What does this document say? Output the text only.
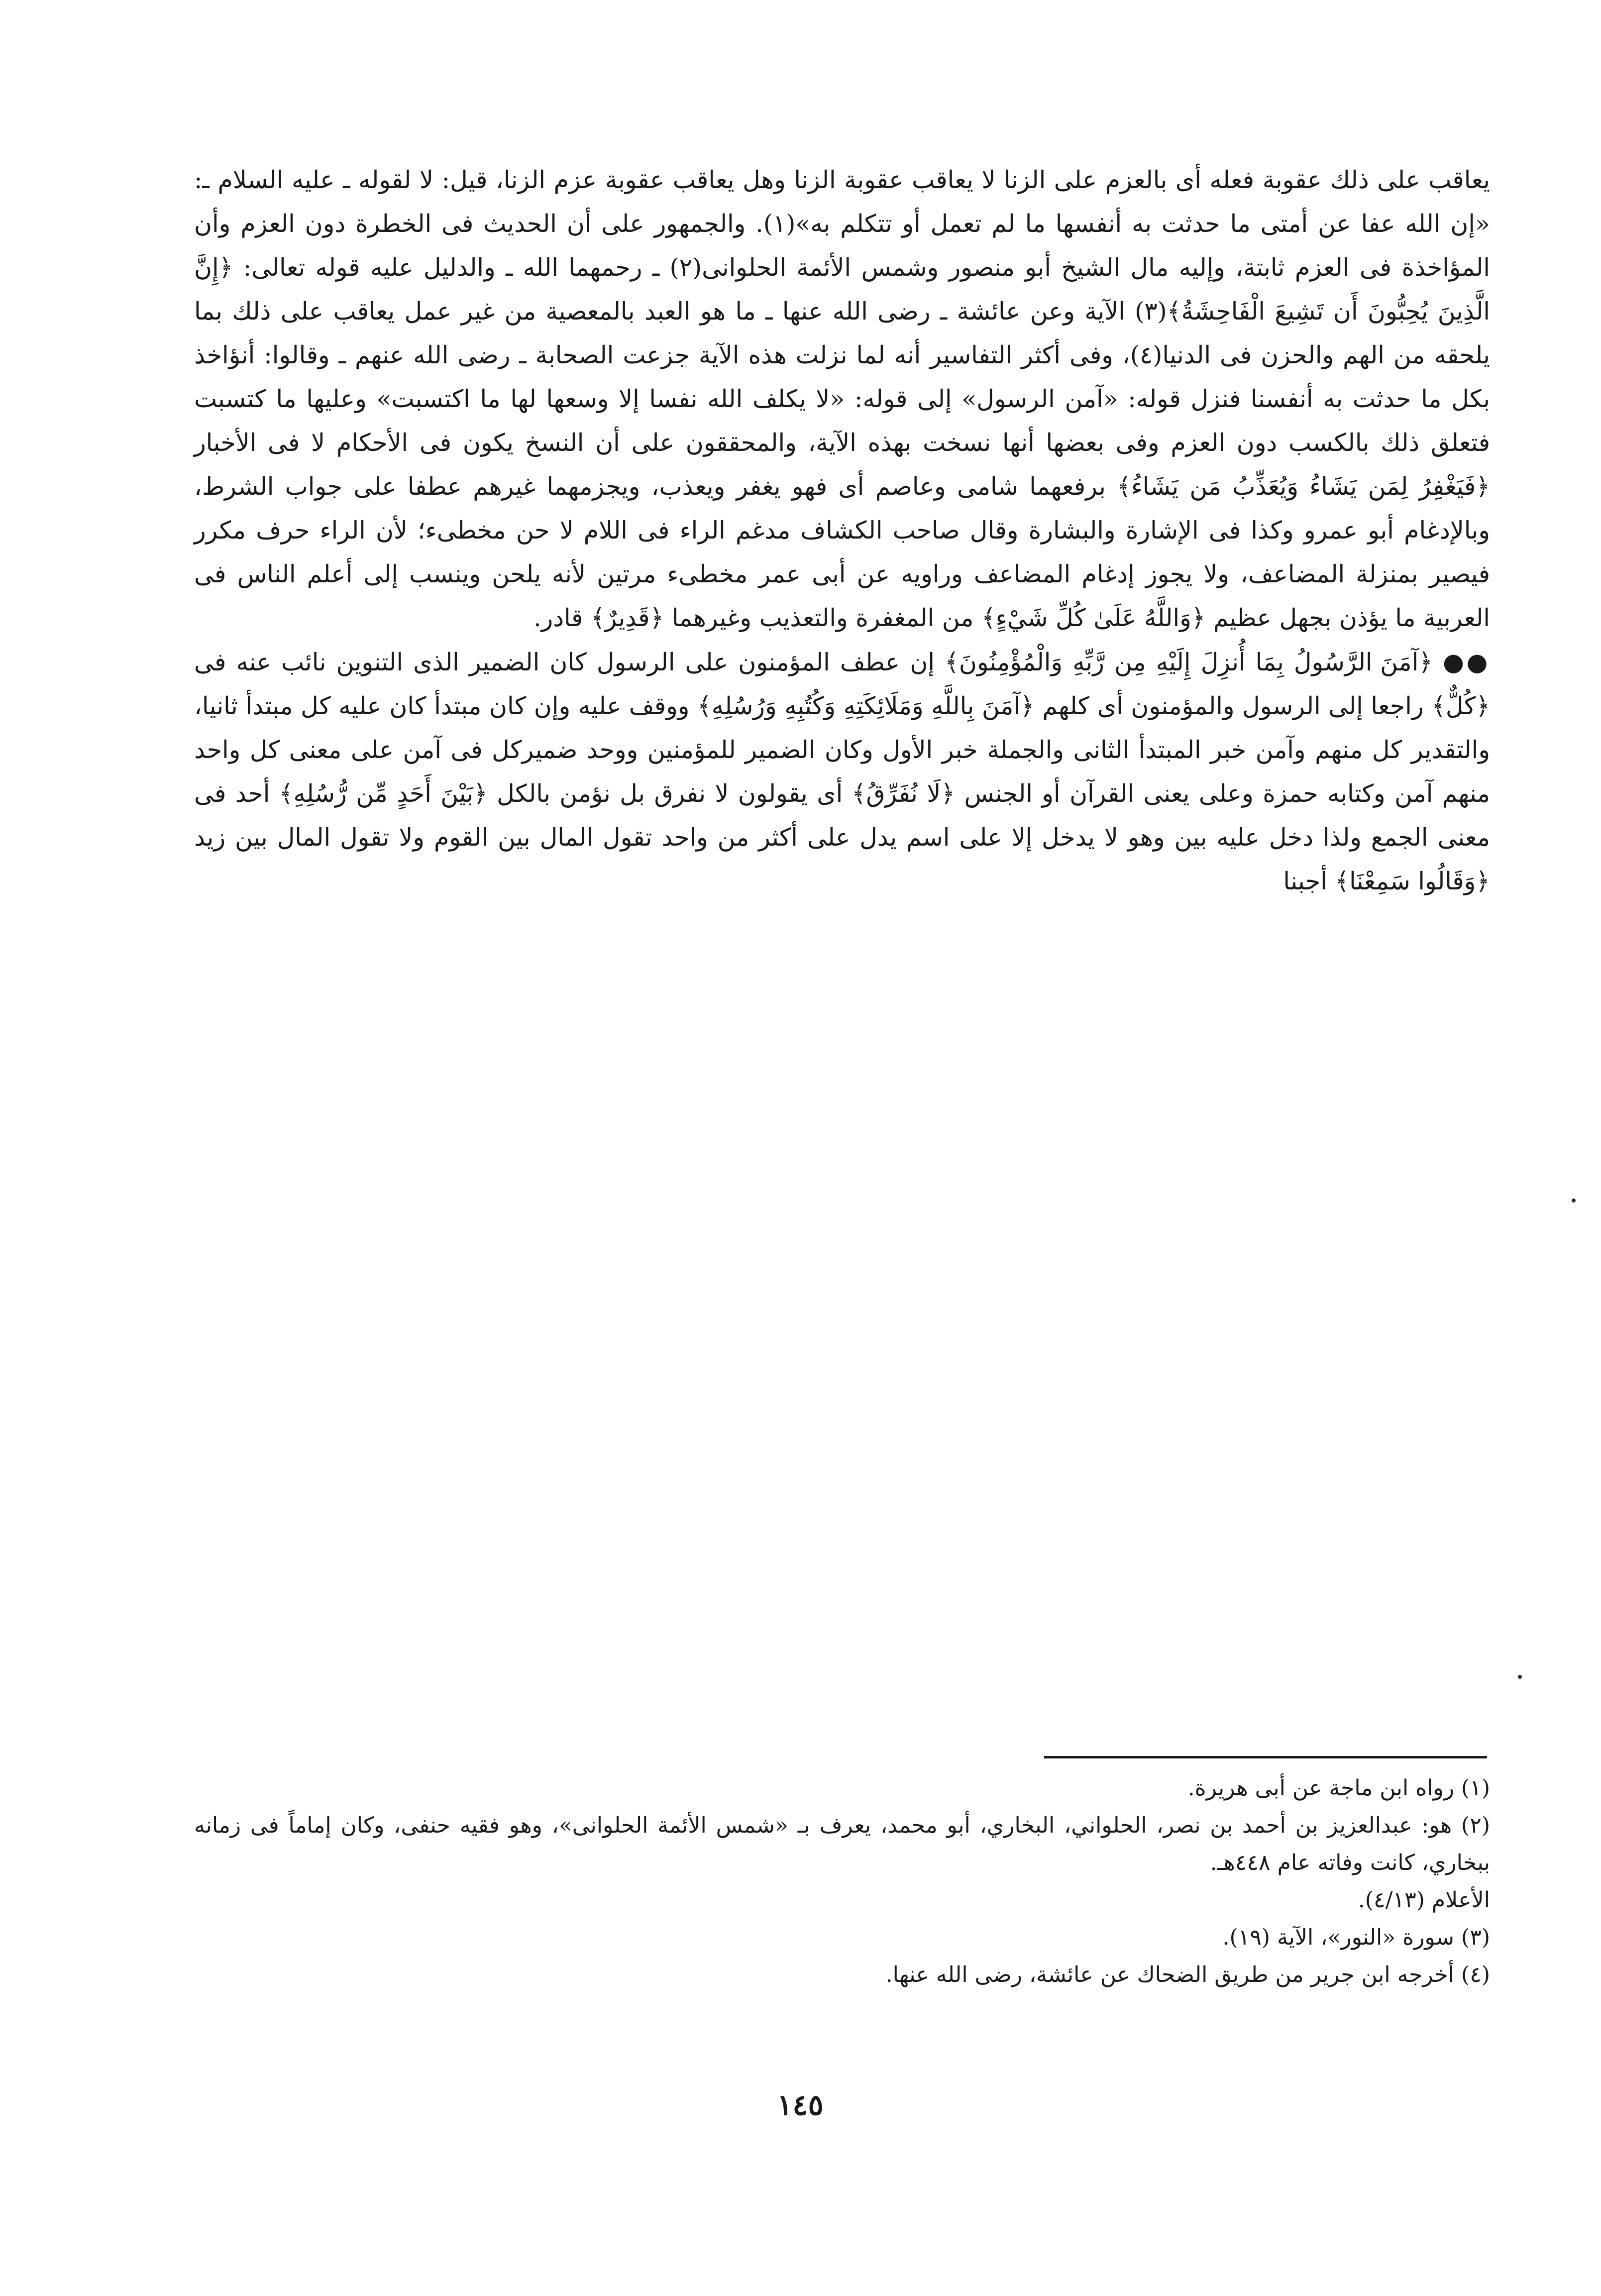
يعاقب على ذلك عقوبة فعله أى بالعزم على الزنا لا يعاقب عقوبة الزنا وهل يعاقب عقوبة عزم الزنا، قيل: لا لقوله ـ عليه السلام ـ: «إن الله عفا عن أمتى ما حدثت به أنفسها ما لم تعمل أو تتكلم به»(١). والجمهور على أن الحديث فى الخطرة دون العزم وأن المؤاخذة فى العزم ثابتة، وإليه مال الشيخ أبو منصور وشمس الأئمة الحلوانى(٢) ـ رحمهما الله ـ والدليل عليه قوله تعالى: ﴿إِنَّ الَّذِينَ يُحِبُّونَ أَن تَشِيعَ الْفَاحِشَةُ﴾(٣) الآية وعن عائشة ـ رضى الله عنها ـ ما هو العبد بالمعصية من غير عمل يعاقب على ذلك بما يلحقه من الهم والحزن فى الدنيا(٤)، وفى أكثر التفاسير أنه لما نزلت هذه الآية جزعت الصحابة ـ رضى الله عنهم ـ وقالوا: أنؤاخذ بكل ما حدثت به أنفسنا فنزل قوله: «آمن الرسول» إلى قوله: «لا يكلف الله نفسا إلا وسعها لها ما اكتسبت» وعليها ما كتسبت فتعلق ذلك بالكسب دون العزم وفى بعضها أنها نسخت بهذه الآية، والمحققون على أن النسخ يكون فى الأحكام لا فى الأخبار ﴿فَيَغْفِرُ لِمَن يَشَاءُ وَيُعَذِّبُ مَن يَشَاءُ﴾ برفعهما شامى وعاصم أى فهو يغفر ويعذب، ويجزمهما غيرهم عطفا على جواب الشرط، وبالإدغام أبو عمرو وكذا فى الإشارة والبشارة وقال صاحب الكشاف مدغم الراء فى اللام لا حن مخطىء؛ لأن الراء حرف مكرر فيصير بمنزلة المضاعف، ولا يجوز إدغام المضاعف وراويه عن أبى عمر مخطىء مرتين لأنه يلحن وينسب إلى أعلم الناس فى العربية ما يؤذن بجهل عظيم ﴿وَاللَّهُ عَلَىٰ كُلِّ شَيْءٍ﴾ من المغفرة والتعذيب وغيرهما ﴿قَدِيرٌ﴾ قادر.

●● ﴿آمَنَ الرَّسُولُ بِمَا أُنزِلَ إِلَيْهِ مِن رَّبِّهِ وَالْمُؤْمِنُونَ﴾ إن عطف المؤمنون على الرسول كان الضمير الذى التنوين نائب عنه فى ﴿كُلٌّ﴾ راجعا إلى الرسول والمؤمنون أى كلهم ﴿آمَنَ بِاللَّهِ وَمَلَائِكَتِهِ وَكُتُبِهِ وَرُسُلِهِ﴾ ووقف عليه وإن كان مبتدأ كان عليه كل مبتدأ ثانيا، والتقدير كل منهم وآمن خبر المبتدأ الثانى والجملة خبر الأول وكان الضمير للمؤمنين ووحد ضميركل فى آمن على معنى كل واحد منهم آمن وكتابه حمزة وعلى يعنى القرآن أو الجنس ﴿لَا نُفَرِّقُ﴾ أى يقولون لا نفرق بل نؤمن بالكل ﴿بَيْنَ أَحَدٍ مِّن رُّسُلِهِ﴾ أحد فى معنى الجمع ولذا دخل عليه بين وهو لا يدخل إلا على اسم يدل على أكثر من واحد تقول المال بين القوم ولا تقول المال بين زيد ﴿وَقَالُوا سَمِعْنَا﴾ أجبنا

(١) رواه ابن ماجة عن أبى هريرة.

(٢) هو: عبدالعزيز بن أحمد بن نصر، الحلواني، البخاري، أبو محمد، يعرف بـ «شمس الأئمة الحلوانى»، وهو فقيه حنفى، وكان إماماً فى زمانه ببخاري، كانت وفاته عام ٤٤٨هـ.

الأعلام (٤/١٣).

(٣) سورة «النور»، الآية (١٩).

(٤) أخرجه ابن جرير من طريق الضحاك عن عائشة، رضى الله عنها.

١٤٥
